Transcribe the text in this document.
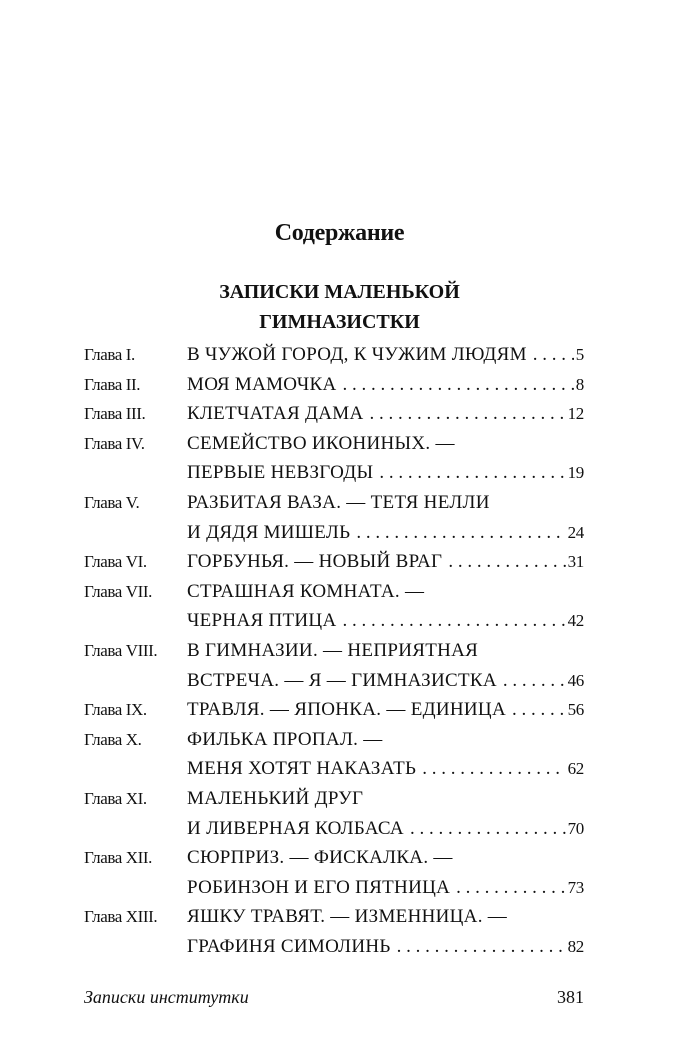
Содержание
ЗАПИСКИ МАЛЕНЬКОЙ
ГИМНАЗИСТКИ
Глава I.	В ЧУЖОЙ ГОРОД, К ЧУЖИМ ЛЮДЯМ . . .	5
Глава II. МОЯ МАМОЧКА . . .	8
Глава III. КЛЕТЧАТАЯ ДАМА . . .	12
Глава IV. СЕМЕЙСТВО ИКОНИНЫХ. —
ПЕРВЫЕ НЕВЗГОДЫ . . .	19
Глава V.	РАЗБИТАЯ ВАЗА. — ТЕТЯ НЕЛЛИ
И ДЯДЯ МИШЕЛЬ . . .	24
Глава VI. ГОРБУНЬЯ. — НОВЫЙ ВРАГ . . .	31
Глава VII. СТРАШНАЯ КОМНАТА. —
ЧЕРНАЯ ПТИЦА . . .	42
Глава VIII. В ГИМНАЗИИ. — НЕПРИЯТНАЯ
ВСТРЕЧА. — Я — ГИМНАЗИСТКА . . .	46
Глава IX. ТРАВЛЯ. — ЯПОНКА. — ЕДИНИЦА . . .	56
Глава X. ФИЛЬКА ПРОПАЛ. —
МЕНЯ ХОТЯТ НАКАЗАТЬ . . .	62
Глава XI. МАЛЕНЬКИЙ ДРУГ
И ЛИВЕРНАЯ КОЛБАСА . . .	70
Глава XII. СЮРПРИЗ. — ФИСКАЛКА. —
РОБИНЗОН И ЕГО ПЯТНИЦА . . .	73
Глава XIII. ЯШКУ ТРАВЯТ. — ИЗМЕННИЦА. —
ГРАФИНЯ СИМОЛИНЬ . . .	82
Записки институтки	381
